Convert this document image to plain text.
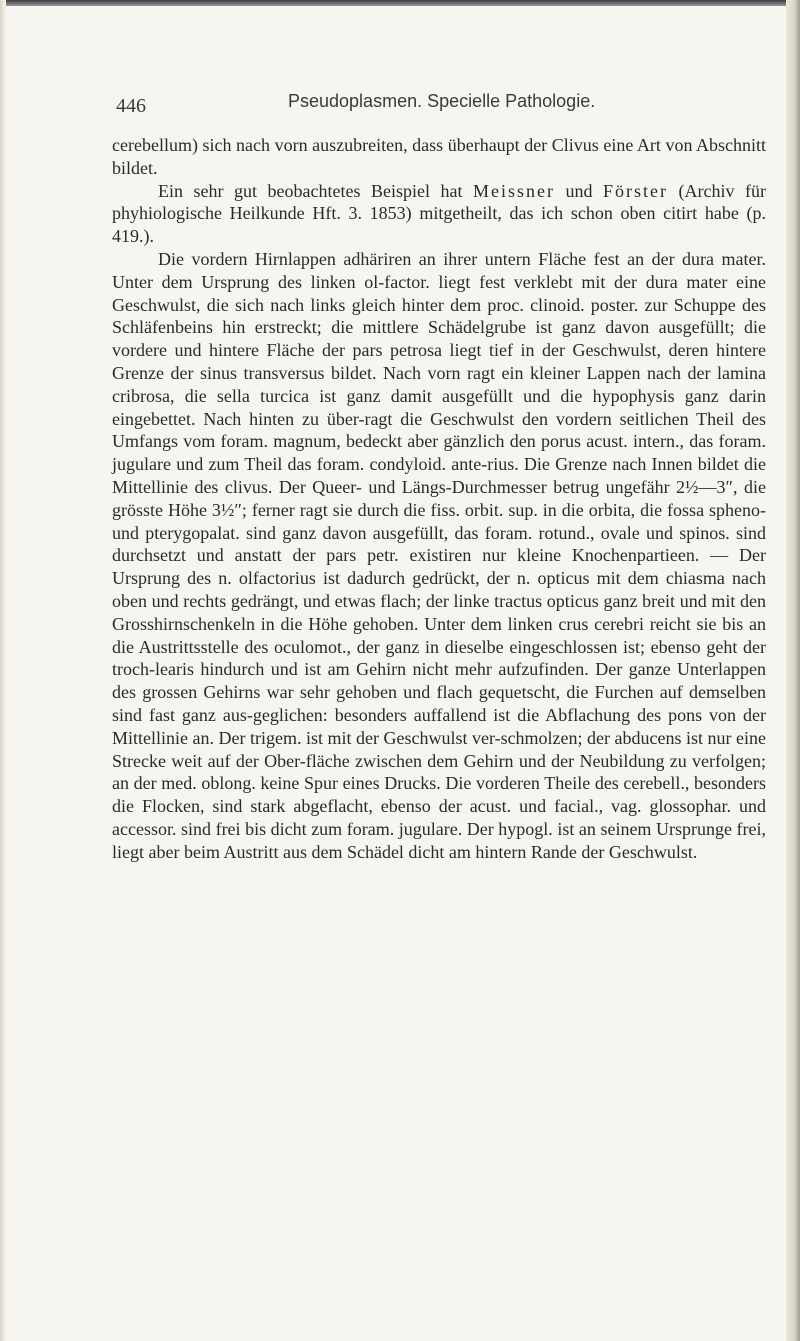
446	Pseudoplasmen. Specielle Pathologie.

cerebellum) sich nach vorn auszubreiten, dass überhaupt der Clivus eine Art von Abschnitt bildet.

Ein sehr gut beobachtetes Beispiel hat Meissner und Förster (Archiv für phyhiologische Heilkunde Hft. 3. 1853) mitgetheilt, das ich schon oben citirt habe (p. 419.).

Die vordern Hirnlappen adhäriren an ihrer untern Fläche fest an der dura mater. Unter dem Ursprung des linken ol-factor. liegt fest verklebt mit der dura mater eine Geschwulst, die sich nach links gleich hinter dem proc. clinoid. poster. zur Schuppe des Schläfenbeins hin erstreckt; die mittlere Schädelgrube ist ganz davon ausgefüllt; die vordere und hintere Fläche der pars petrosa liegt tief in der Geschwulst, deren hintere Grenze der sinus transversus bildet. Nach vorn ragt ein kleiner Lappen nach der lamina cribrosa, die sella turcica ist ganz damit ausgefüllt und die hypophysis ganz darin eingebettet. Nach hinten zu über-ragt die Geschwulst den vordern seitlichen Theil des Umfangs vom foram. magnum, bedeckt aber gänzlich den porus acust. intern., das foram. jugulare und zum Theil das foram. condyloid. ante-rius. Die Grenze nach Innen bildet die Mittellinie des clivus. Der Queer- und Längs-Durchmesser betrug ungefähr 2½—3″, die grösste Höhe 3½″; ferner ragt sie durch die fiss. orbit. sup. in die orbita, die fossa spheno- und pterygopalat. sind ganz davon ausgefüllt, das foram. rotund., ovale und spinos. sind durchsetzt und anstatt der pars petr. existiren nur kleine Knochenpartieen. — Der Ursprung des n. olfactorius ist dadurch gedrückt, der n. opticus mit dem chiasma nach oben und rechts gedrängt, und etwas flach; der linke tractus opticus ganz breit und mit den Grosshirnschenkeln in die Höhe gehoben. Unter dem linken crus cerebri reicht sie bis an die Austrittsstelle des oculomot., der ganz in dieselbe eingeschlossen ist; ebenso geht der troch-learis hindurch und ist am Gehirn nicht mehr aufzufinden. Der ganze Unterlappen des grossen Gehirns war sehr gehoben und flach gequetscht, die Furchen auf demselben sind fast ganz aus-geglichen: besonders auffallend ist die Abflachung des pons von der Mittellinie an. Der trigem. ist mit der Geschwulst ver-schmolzen; der abducens ist nur eine Strecke weit auf der Ober-fläche zwischen dem Gehirn und der Neubildung zu verfolgen; an der med. oblong. keine Spur eines Drucks. Die vorderen Theile des cerebell., besonders die Flocken, sind stark abgeflacht, ebenso der acust. und facial., vag. glossophar. und accessor. sind frei bis dicht zum foram. jugulare. Der hypogl. ist an seinem Ursprunge frei, liegt aber beim Austritt aus dem Schädel dicht am hintern Rande der Geschwulst.
